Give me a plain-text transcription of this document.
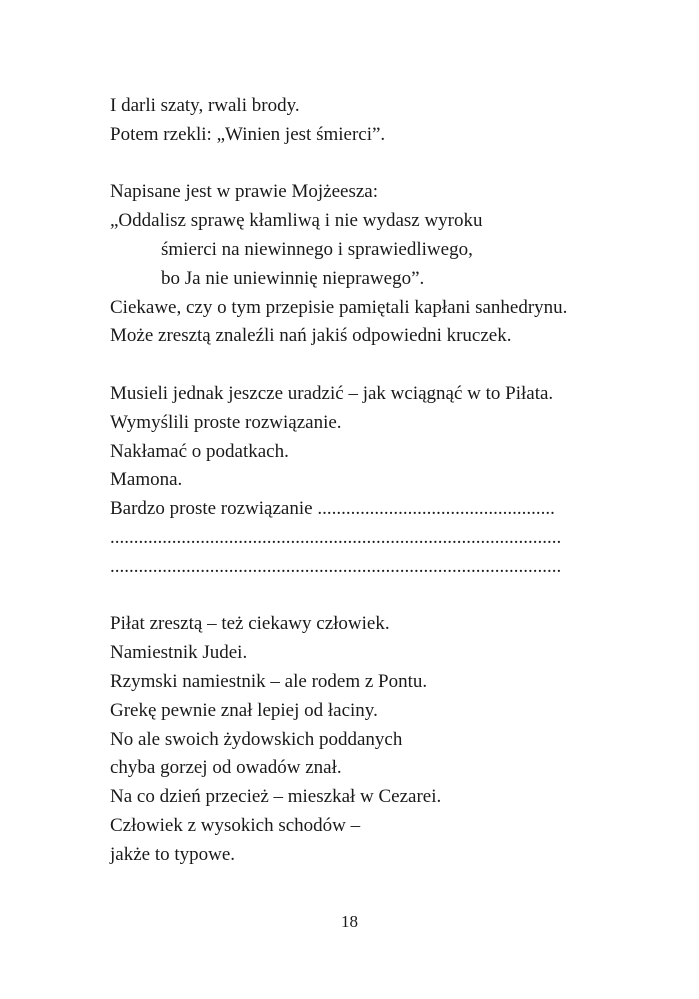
I darli szaty, rwali brody.
Potem rzekli: „Winien jest śmierci”.
Napisane jest w prawie Mojżeesza:
„Oddalisz sprawę kłamliwą i nie wydasz wyroku
śmierci na niewinnego i sprawiedliwego,
bo Ja nie uniewinnię nieprawego”.
Ciekawe, czy o tym przepisie pamiętali kapłani sanhedrynu.
Może zresztą znaleźli nań jakiś odpowiedni kruczek.
Musieli jednak jeszcze uradzić – jak wciągnąć w to Piłata.
Wymyślili proste rozwiązanie.
Nakłamać o podatkach.
Mamona.
Bardzo proste rozwiązanie ..................................................
...............................................................................................
...............................................................................................
Piłat zresztą – też ciekawy człowiek.
Namiestnik Judei.
Rzymski namiestnik – ale rodem z Pontu.
Grekę pewnie znał lepiej od łaciny.
No ale swoich żydowskich poddanych
chyba gorzej od owadów znał.
Na co dzień przecież – mieszkał w Cezarei.
Człowiek z wysokich schodów –
jakże to typowe.
18
